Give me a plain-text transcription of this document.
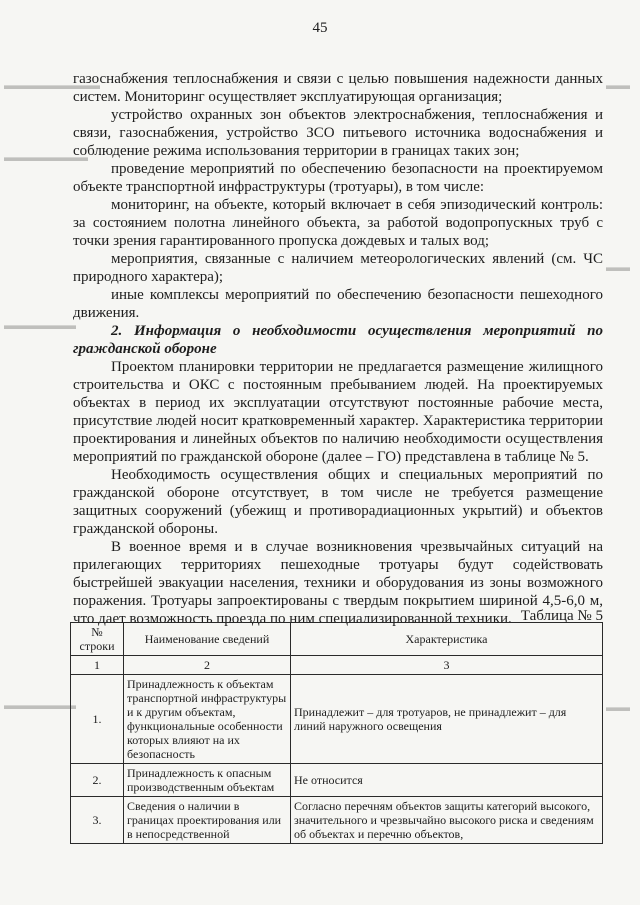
▬▬▬▬▬▬▬▬
▬▬▬▬▬▬▬
▬▬▬▬▬▬
▬▬▬▬▬▬
▬▬
▬▬
▬▬
45

газоснабжения теплоснабжения и связи с целью повышения надежности данных систем. Мониторинг осуществляет эксплуатирующая организация;

устройство охранных зон объектов электроснабжения, теплоснабжения и связи, газоснабжения, устройство ЗСО питьевого источника водоснабжения и соблюдение режима использования территории в границах таких зон;

проведение мероприятий по обеспечению безопасности на проектируемом объекте транспортной инфраструктуры (тротуары), в том числе:

мониторинг, на объекте, который включает в себя эпизодический контроль: за состоянием полотна линейного объекта, за работой водопропускных труб с точки зрения гарантированного пропуска дождевых и талых вод;

мероприятия, связанные с наличием метеорологических явлений (см. ЧС природного характера);

иные комплексы мероприятий по обеспечению безопасности пешеходного движения.

2. Информация о необходимости осуществления мероприятий по гражданской обороне

Проектом планировки территории не предлагается размещение жилищного строительства и ОКС с постоянным пребыванием людей. На проектируемых объектах в период их эксплуатации отсутствуют постоянные рабочие места, присутствие людей носит кратковременный характер. Характеристика территории проектирования и линейных объектов по наличию необходимости осуществления мероприятий по гражданской обороне (далее – ГО) представлена в таблице № 5.

Необходимость осуществления общих и специальных мероприятий по гражданской обороне отсутствует, в том числе не требуется размещение защитных сооружений (убежищ и противорадиационных укрытий) и объектов гражданской обороны.

В военное время и в случае возникновения чрезвычайных ситуаций на прилегающих территориях пешеходные тротуары будут содействовать быстрейшей эвакуации населения, техники и оборудования из зоны возможного поражения. Тротуары запроектированы с твердым покрытием шириной 4,5-6,0 м, что дает возможность проезда по ним специализированной техники. Таблица № 5
№ строки	Наименование сведений	Характеристика
1	2	3
1.	Принадлежность к объектам транспортной инфраструктуры и к другим объектам, функциональные особенности которых влияют на их безопасность	Принадлежит – для тротуаров, не принадлежит – для линий наружного освещения
2.	Принадлежность к опасным производственным объектам	Не относится
3.	Сведения о наличии в границах проектирования или в непосредственной	Согласно перечням объектов защиты категорий высокого, значительного и чрезвычайно высокого риска и сведениям об объектах и перечню объектов,
